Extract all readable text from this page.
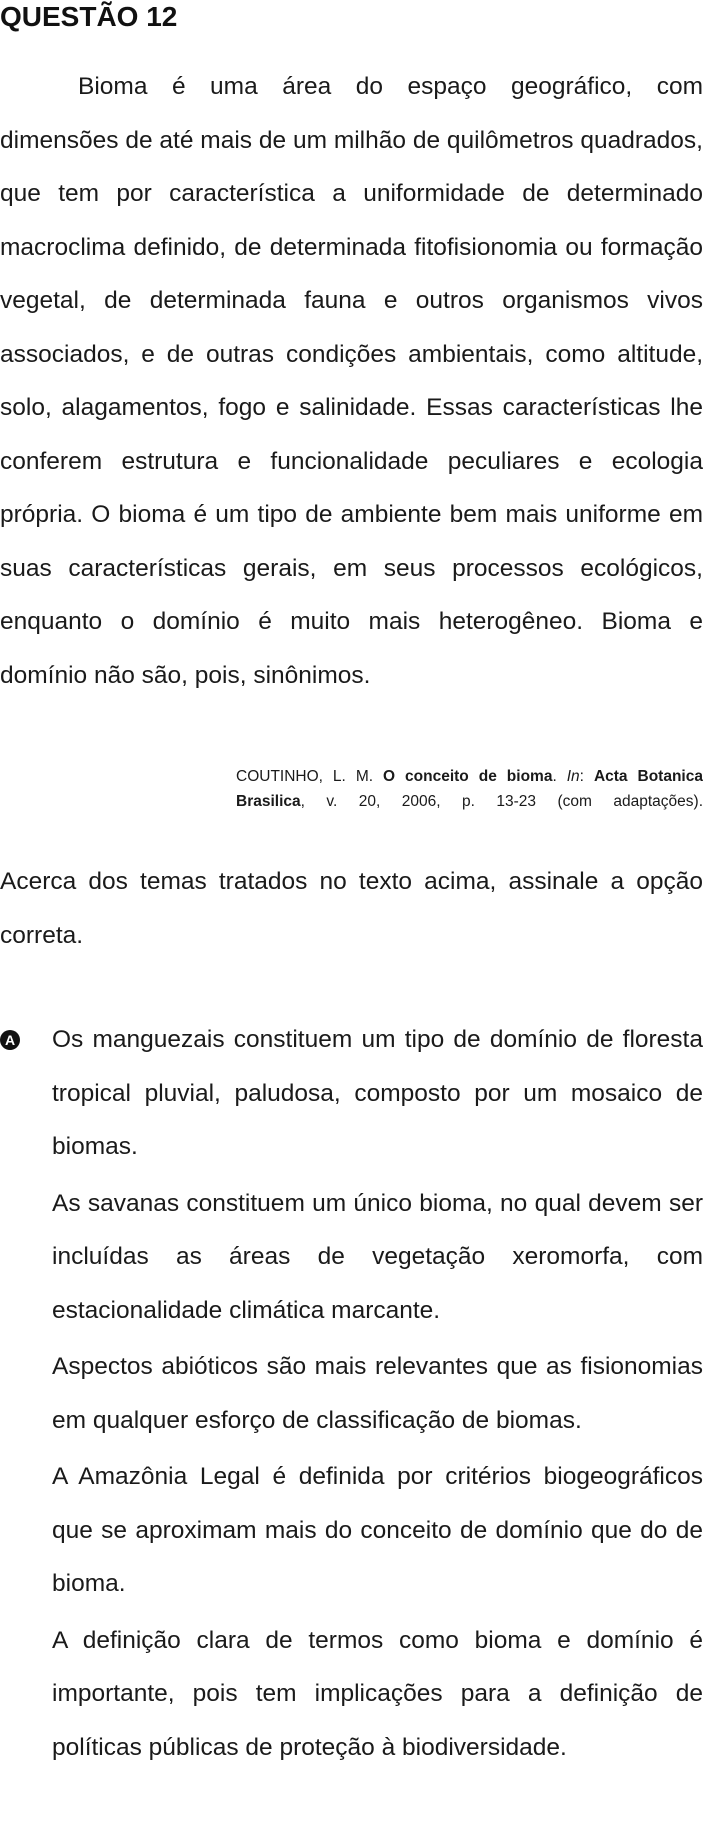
QUESTÃO 12

Bioma é uma área do espaço geográfico, com dimensões de até mais de um milhão de quilômetros quadrados, que tem por característica a uniformidade de determinado macroclima definido, de determinada fitofisionomia ou formação vegetal, de determinada fauna e outros organismos vivos associados, e de outras condições ambientais, como altitude, solo, alagamentos, fogo e salinidade. Essas características lhe conferem estrutura e funcionalidade peculiares e ecologia própria. O bioma é um tipo de ambiente bem mais uniforme em suas características gerais, em seus processos ecológicos, enquanto o domínio é muito mais heterogêneo. Bioma e domínio não são, pois, sinônimos.

COUTINHO, L. M. O conceito de bioma. In: Acta Botanica Brasilica, v. 20, 2006, p. 13-23 (com adaptações).

Acerca dos temas tratados no texto acima, assinale a opção correta.

A Os manguezais constituem um tipo de domínio de floresta tropical pluvial, paludosa, composto por um mosaico de biomas.
As savanas constituem um único bioma, no qual devem ser incluídas as áreas de vegetação xeromorfa, com estacionalidade climática marcante.
Aspectos abióticos são mais relevantes que as fisionomias em qualquer esforço de classificação de biomas.
A Amazônia Legal é definida por critérios biogeográficos que se aproximam mais do conceito de domínio que do de bioma.
A definição clara de termos como bioma e domínio é importante, pois tem implicações para a definição de políticas públicas de proteção à biodiversidade.
